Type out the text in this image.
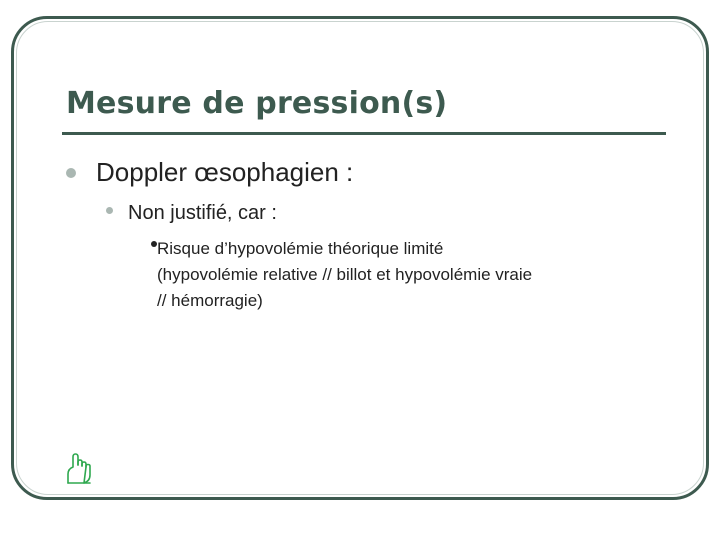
Mesure de pression(s)
Doppler œsophagien :
Non justifié, car :
Risque d’hypovolémie théorique limité
(hypovolémie relative // billot et hypovolémie vraie
// hémorragie)
